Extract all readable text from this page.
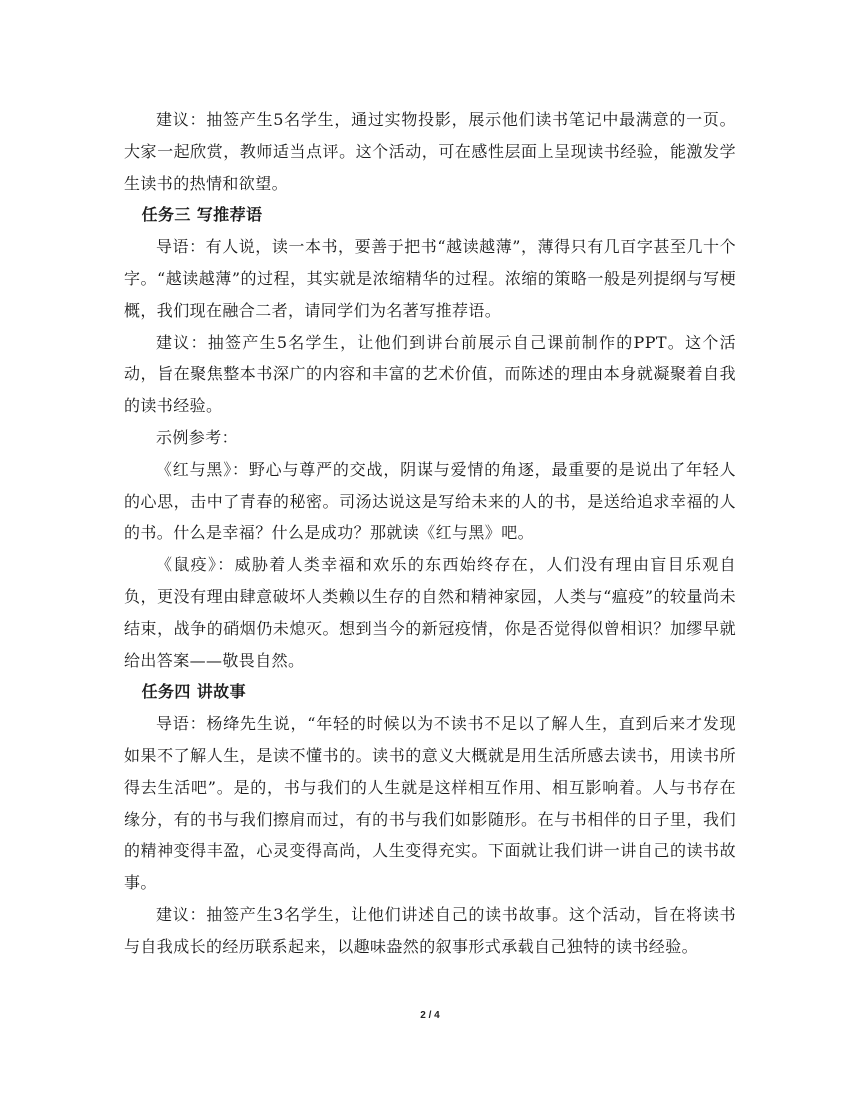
建议：抽签产生5名学生，通过实物投影，展示他们读书笔记中最满意的一页。大家一起欣赏，教师适当点评。这个活动，可在感性层面上呈现读书经验，能激发学生读书的热情和欲望。

任务三 写推荐语

导语：有人说，读一本书，要善于把书“越读越薄”，薄得只有几百字甚至几十个字。“越读越薄”的过程，其实就是浓缩精华的过程。浓缩的策略一般是列提纲与写梗概，我们现在融合二者，请同学们为名著写推荐语。

建议：抽签产生5名学生，让他们到讲台前展示自己课前制作的PPT。这个活动，旨在聚焦整本书深广的内容和丰富的艺术价值，而陈述的理由本身就凝聚着自我的读书经验。

示例参考：

《红与黑》：野心与尊严的交战，阴谋与爱情的角逐，最重要的是说出了年轻人的心思，击中了青春的秘密。司汤达说这是写给未来的人的书，是送给追求幸福的人的书。什么是幸福？什么是成功？那就读《红与黑》吧。

《鼠疫》：威胁着人类幸福和欢乐的东西始终存在，人们没有理由盲目乐观自负，更没有理由肆意破坏人类赖以生存的自然和精神家园，人类与“瘟疫”的较量尚未结束，战争的硝烟仍未熄灭。想到当今的新冠疫情，你是否觉得似曾相识？加缪早就给出答案——敬畏自然。

任务四 讲故事

导语：杨绛先生说，“年轻的时候以为不读书不足以了解人生，直到后来才发现如果不了解人生，是读不懂书的。读书的意义大概就是用生活所感去读书，用读书所得去生活吧”。是的，书与我们的人生就是这样相互作用、相互影响着。人与书存在缘分，有的书与我们擦肩而过，有的书与我们如影随形。在与书相伴的日子里，我们的精神变得丰盈，心灵变得高尚，人生变得充实。下面就让我们讲一讲自己的读书故事。

建议：抽签产生3名学生，让他们讲述自己的读书故事。这个活动，旨在将读书与自我成长的经历联系起来，以趣味盎然的叙事形式承载自己独特的读书经验。

2 / 4
